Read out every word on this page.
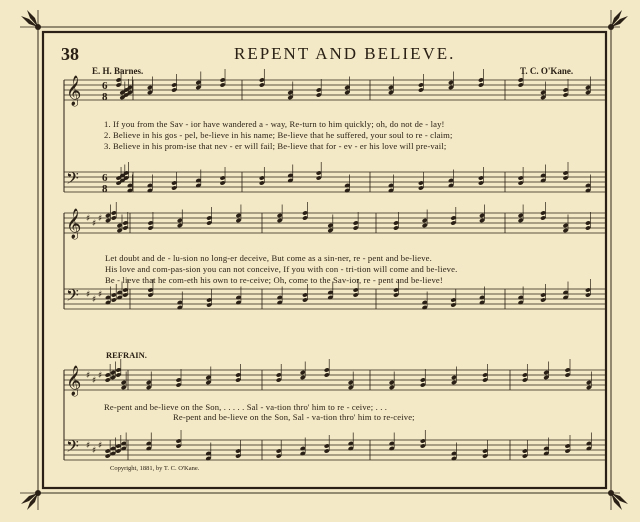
𝄞 6
8
𝄢 6
8
𝄞 ♯ ♯ ♯
𝄢 ♯ ♯ ♯
𝄞 ♯ ♯ ♯
𝄢 ♯ ♯ ♯
38	REPENT AND BELIEVE.
E. H. Barnes.	T. C. O'Kane.
1. If you from the Sav - ior have wandered a - way, Re-turn to him quickly; oh, do not de - lay!
2. Believe in his gos - pel, be-lieve in his name; Be-lieve that he suffered, your soul to re - claim;
3. Believe in his prom-ise that nev - er will fail; Be-lieve that for - ev - er his love will pre-vail;
Let doubt and de - lu-sion no long-er deceive, But come as a sin-ner, re - pent and be-lieve.
His love and com-pas-sion you can not conceive, If you with con - tri-tion will come and be-lieve.
Be - lieve that he com-eth his own to re-ceive; Oh, come to the Sav-ior, re - pent and be-lieve!
REFRAIN.
Re-pent and be-lieve on the Son, . . . . . Sal - va-tion thro' him to re - ceive; . . .
Re-pent and be-lieve on the Son, Sal - va-tion thro' him to re-ceive;
Copyright, 1881, by T. C. O'Kane.
